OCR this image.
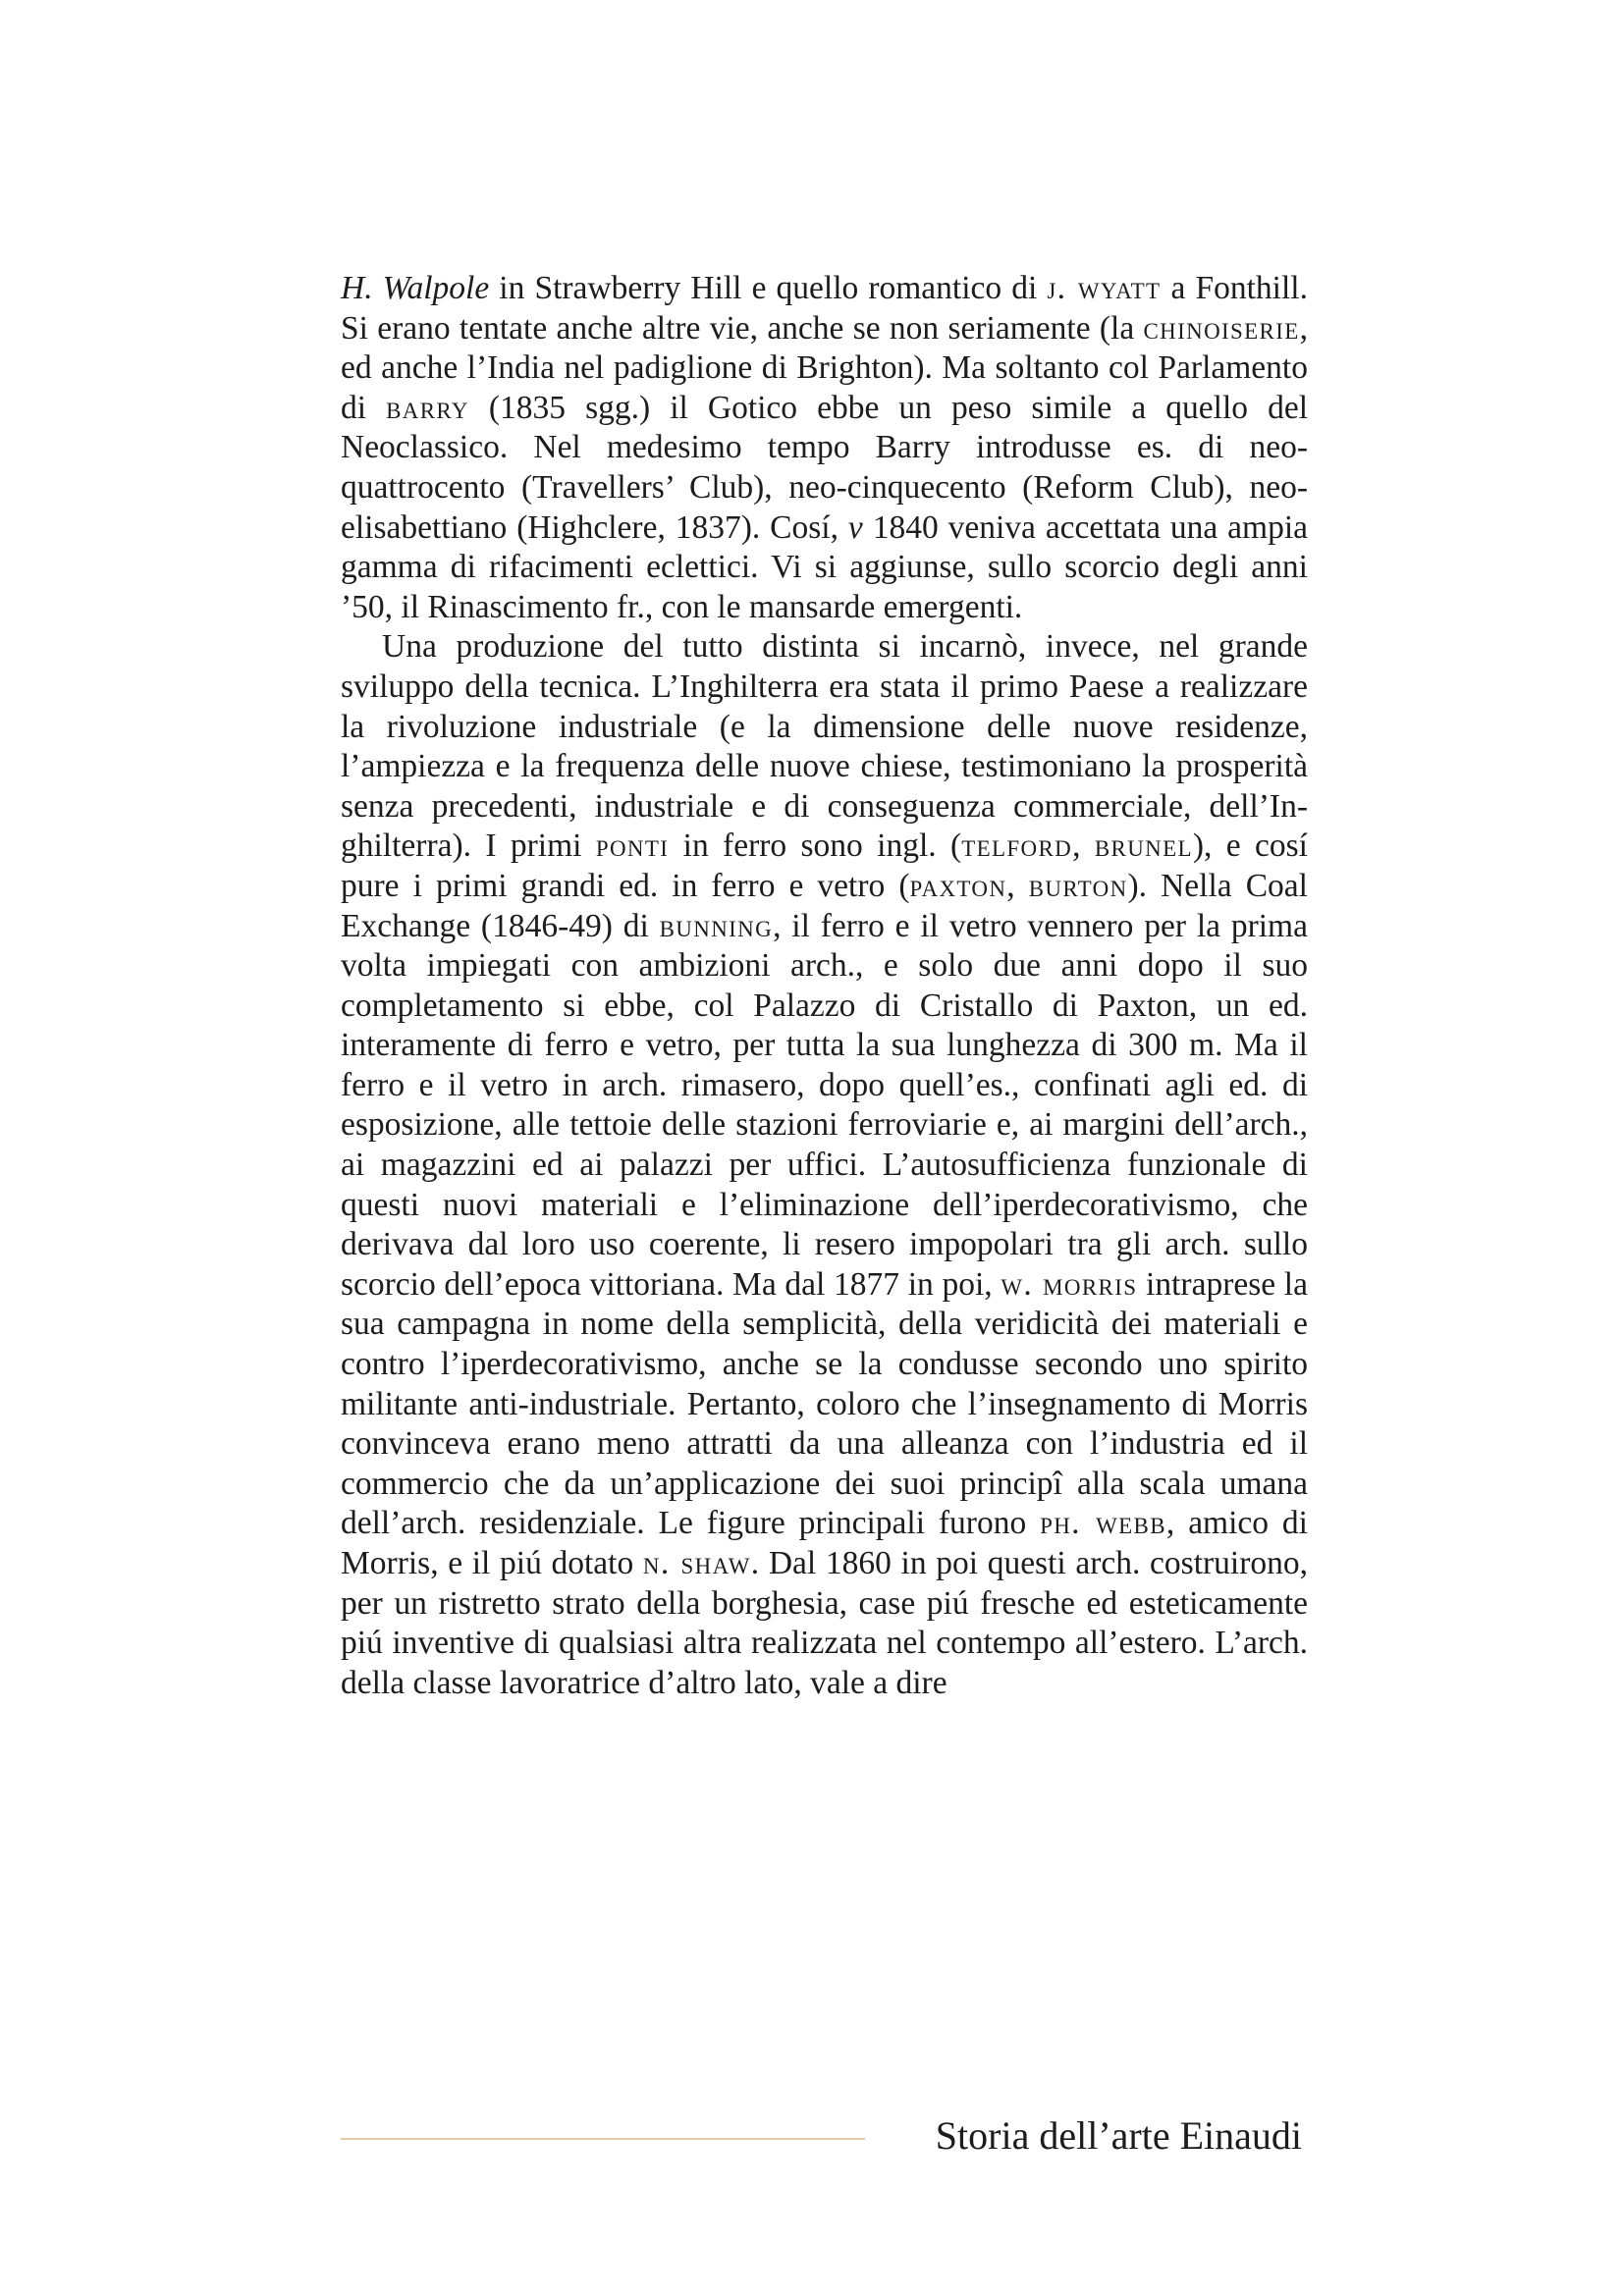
H. Walpole in Strawberry Hill e quello romantico di j. wyatt a Fonthill. Si erano tentate anche altre vie, anche se non seriamente (la chinoiserie, ed anche l’India nel padiglione di Brighton). Ma soltanto col Parlamento di barry (1835 sgg.) il Gotico ebbe un peso simile a quello del Neoclassico. Nel medesimo tempo Barry introdusse es. di neo-quattrocento (Travellers’ Club), neo-cinquecento (Reform Club), neo-elisabettiano (Highclere, 1837). Cosí, v 1840 veniva accettata una ampia gamma di rifacimenti eclettici. Vi si aggiunse, sullo scorcio degli anni ’50, il Rinascimento fr., con le mansarde emergenti.

Una produzione del tutto distinta si incarnò, invece, nel grande sviluppo della tecnica. L’Inghilterra era stata il primo Paese a realizzare la rivoluzione industriale (e la dimensione delle nuove residenze, l’ampiezza e la frequenza delle nuove chiese, testimoniano la prosperità senza precedenti, industriale e di conseguenza commerciale, dell’Inghilterra). I primi ponti in ferro sono ingl. (telford, brunel), e cosí pure i primi grandi ed. in ferro e vetro (paxton, burton). Nella Coal Exchange (1846-49) di bunning, il ferro e il vetro vennero per la prima volta impiegati con ambizioni arch., e solo due anni dopo il suo completamento si ebbe, col Palazzo di Cristallo di Paxton, un ed. interamente di ferro e vetro, per tutta la sua lunghezza di 300 m. Ma il ferro e il vetro in arch. rimasero, dopo quell’es., confinati agli ed. di esposizione, alle tettoie delle stazioni ferroviarie e, ai margini dell’arch., ai magazzini ed ai palazzi per uffici. L’autosufficienza funzionale di questi nuovi materiali e l’eliminazione dell’iperdecorativismo, che derivava dal loro uso coerente, li resero impopolari tra gli arch. sullo scorcio dell’epoca vittoriana. Ma dal 1877 in poi, w. morris intraprese la sua campagna in nome della semplicità, della veridicità dei materiali e contro l’iperdecorativismo, anche se la condusse secondo uno spirito militante anti-industriale. Pertanto, coloro che l’insegnamento di Morris convinceva erano meno attratti da una alleanza con l’industria ed il commercio che da un’applicazione dei suoi principî alla scala umana dell’arch. residenziale. Le figure principali furono ph. webb, amico di Morris, e il piú dotato n. shaw. Dal 1860 in poi questi arch. costruirono, per un ristretto strato della borghesia, case piú fresche ed esteticamente piú inventive di qualsiasi altra realizzata nel contempo all’estero. L’arch. della classe lavoratrice d’altro lato, vale a dire

Storia dell’arte Einaudi
